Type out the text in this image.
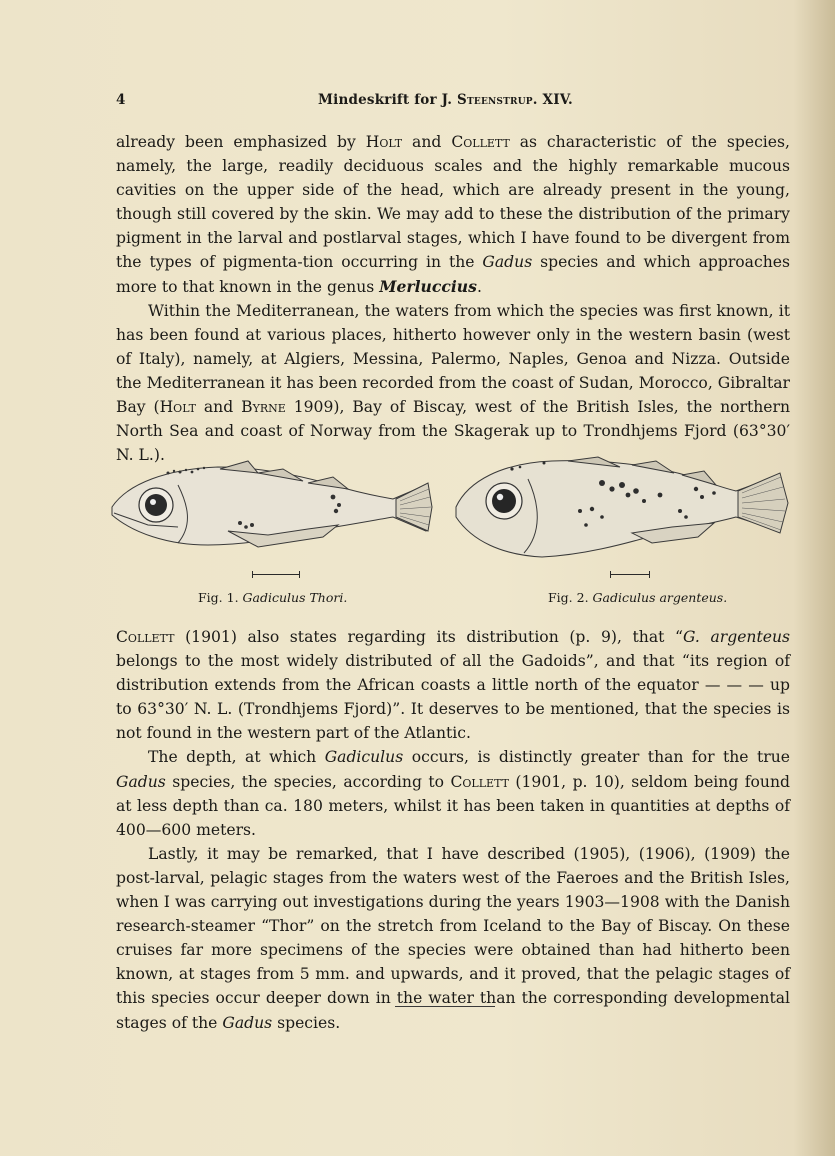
4	Mindeskrift for J. Steenstrup. XIV.

already been emphasized by Holt and Collett as characteristic of the species, namely, the large, readily deciduous scales and the highly remarkable mucous cavities on the upper side of the head, which are already present in the young, though still covered by the skin. We may add to these the distribution of the primary pigment in the larval and postlarval stages, which I have found to be divergent from the types of pigmenta-tion occurring in the Gadus species and which approaches more to that known in the genus Merluccius.

Within the Mediterranean, the waters from which the species was first known, it has been found at various places, hitherto however only in the western basin (west of Italy), namely, at Algiers, Messina, Palermo, Naples, Genoa and Nizza. Outside the Mediterranean it has been recorded from the coast of Sudan, Morocco, Gibraltar Bay (Holt and Byrne 1909), Bay of Biscay, west of the British Isles, the northern North Sea and coast of Norway from the Skagerak up to Trondhjems Fjord (63°30′ N. L.).

Fig. 1. Gadiculus Thori.	Fig. 2. Gadiculus argenteus.

Collett (1901) also states regarding its distribution (p. 9), that “G. argenteus belongs to the most widely distributed of all the Gadoids”, and that “its region of distribution extends from the African coasts a little north of the equator — — — up to 63°30′ N. L. (Trondhjems Fjord)”. It deserves to be mentioned, that the species is not found in the western part of the Atlantic.

The depth, at which Gadiculus occurs, is distinctly greater than for the true Gadus species, the species, according to Collett (1901, p. 10), seldom being found at less depth than ca. 180 meters, whilst it has been taken in quantities at depths of 400—600 meters.

Lastly, it may be remarked, that I have described (1905), (1906), (1909) the post-larval, pelagic stages from the waters west of the Faeroes and the British Isles, when I was carrying out investigations during the years 1903—1908 with the Danish research-steamer “Thor” on the stretch from Iceland to the Bay of Biscay. On these cruises far more specimens of the species were obtained than had hitherto been known, at stages from 5 mm. and upwards, and it proved, that the pelagic stages of this species occur deeper down in the water than the corresponding developmental stages of the Gadus species.
